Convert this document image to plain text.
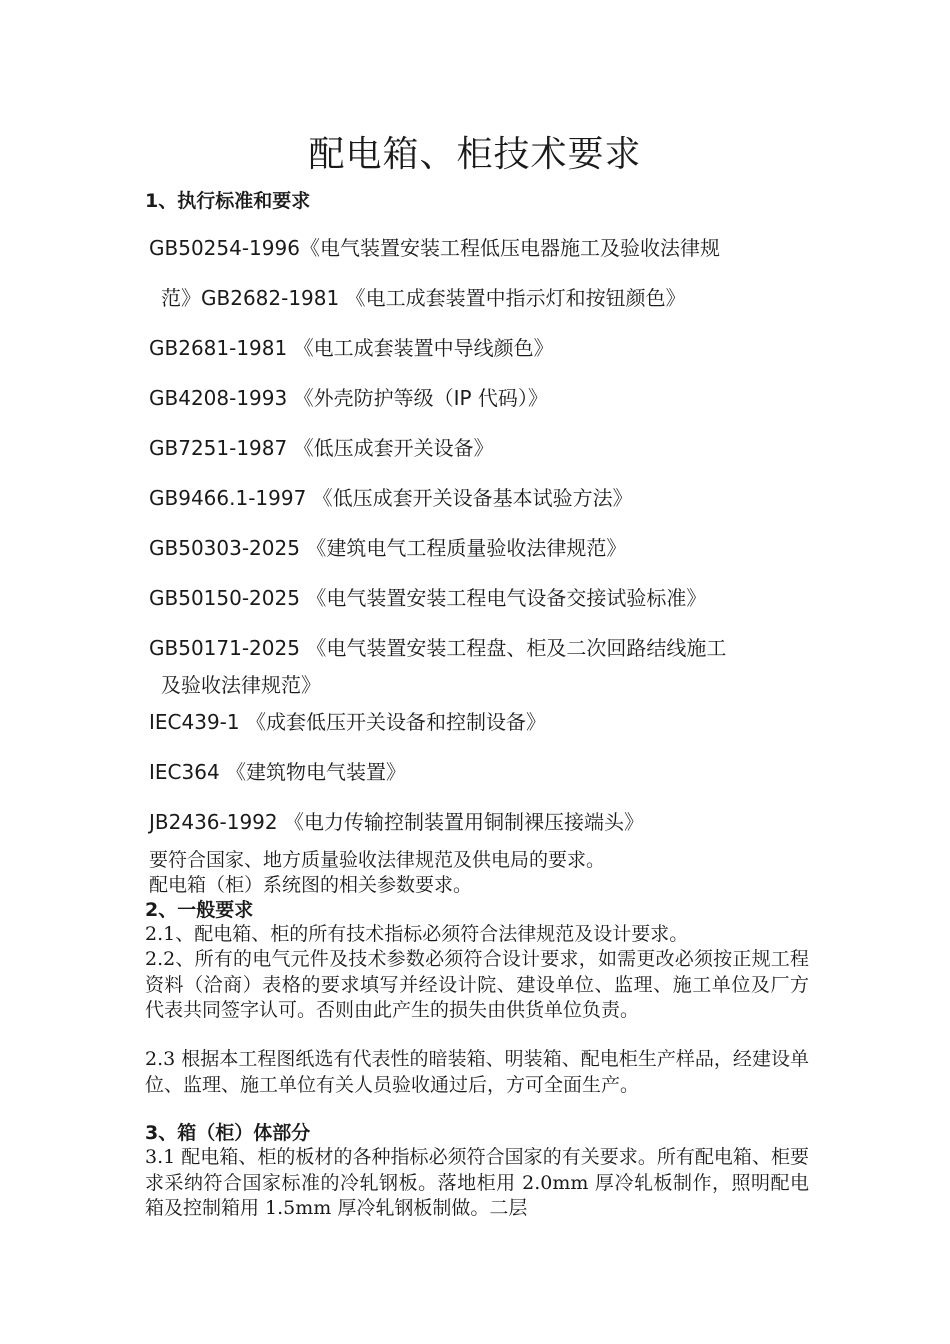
配电箱、柜技术要求
1、执行标准和要求
GB50254-1996《电气装置安装工程低压电器施工及验收法律规
范》GB2682-1981 《电工成套装置中指示灯和按钮颜色》
GB2681-1981 《电工成套装置中导线颜色》
GB4208-1993 《外壳防护等级（IP 代码）》
GB7251-1987 《低压成套开关设备》
GB9466.1-1997 《低压成套开关设备基本试验方法》
GB50303-2025 《建筑电气工程质量验收法律规范》
GB50150-2025 《电气装置安装工程电气设备交接试验标准》
GB50171-2025 《电气装置安装工程盘、柜及二次回路结线施工
及验收法律规范》
IEC439-1 《成套低压开关设备和控制设备》
IEC364 《建筑物电气装置》
JB2436-1992 《电力传输控制装置用铜制裸压接端头》
要符合国家、地方质量验收法律规范及供电局的要求。
配电箱（柜）系统图的相关参数要求。
2、一般要求
2.1、配电箱、柜的所有技术指标必须符合法律规范及设计要求。
2.2、所有的电气元件及技术参数必须符合设计要求，如需更改必须按正规工程资料（洽商）表格的要求填写并经设计院、建设单位、监理、施工单位及厂方代表共同签字认可。否则由此产生的损失由供货单位负责。
2.3 根据本工程图纸选有代表性的暗装箱、明装箱、配电柜生产样品，经建设单位、监理、施工单位有关人员验收通过后，方可全面生产。
3、箱（柜）体部分
3.1 配电箱、柜的板材的各种指标必须符合国家的有关要求。所有配电箱、柜要求采纳符合国家标准的冷轧钢板。落地柜用 2.0mm 厚冷轧板制作，照明配电箱及控制箱用 1.5mm 厚冷轧钢板制做。二层
